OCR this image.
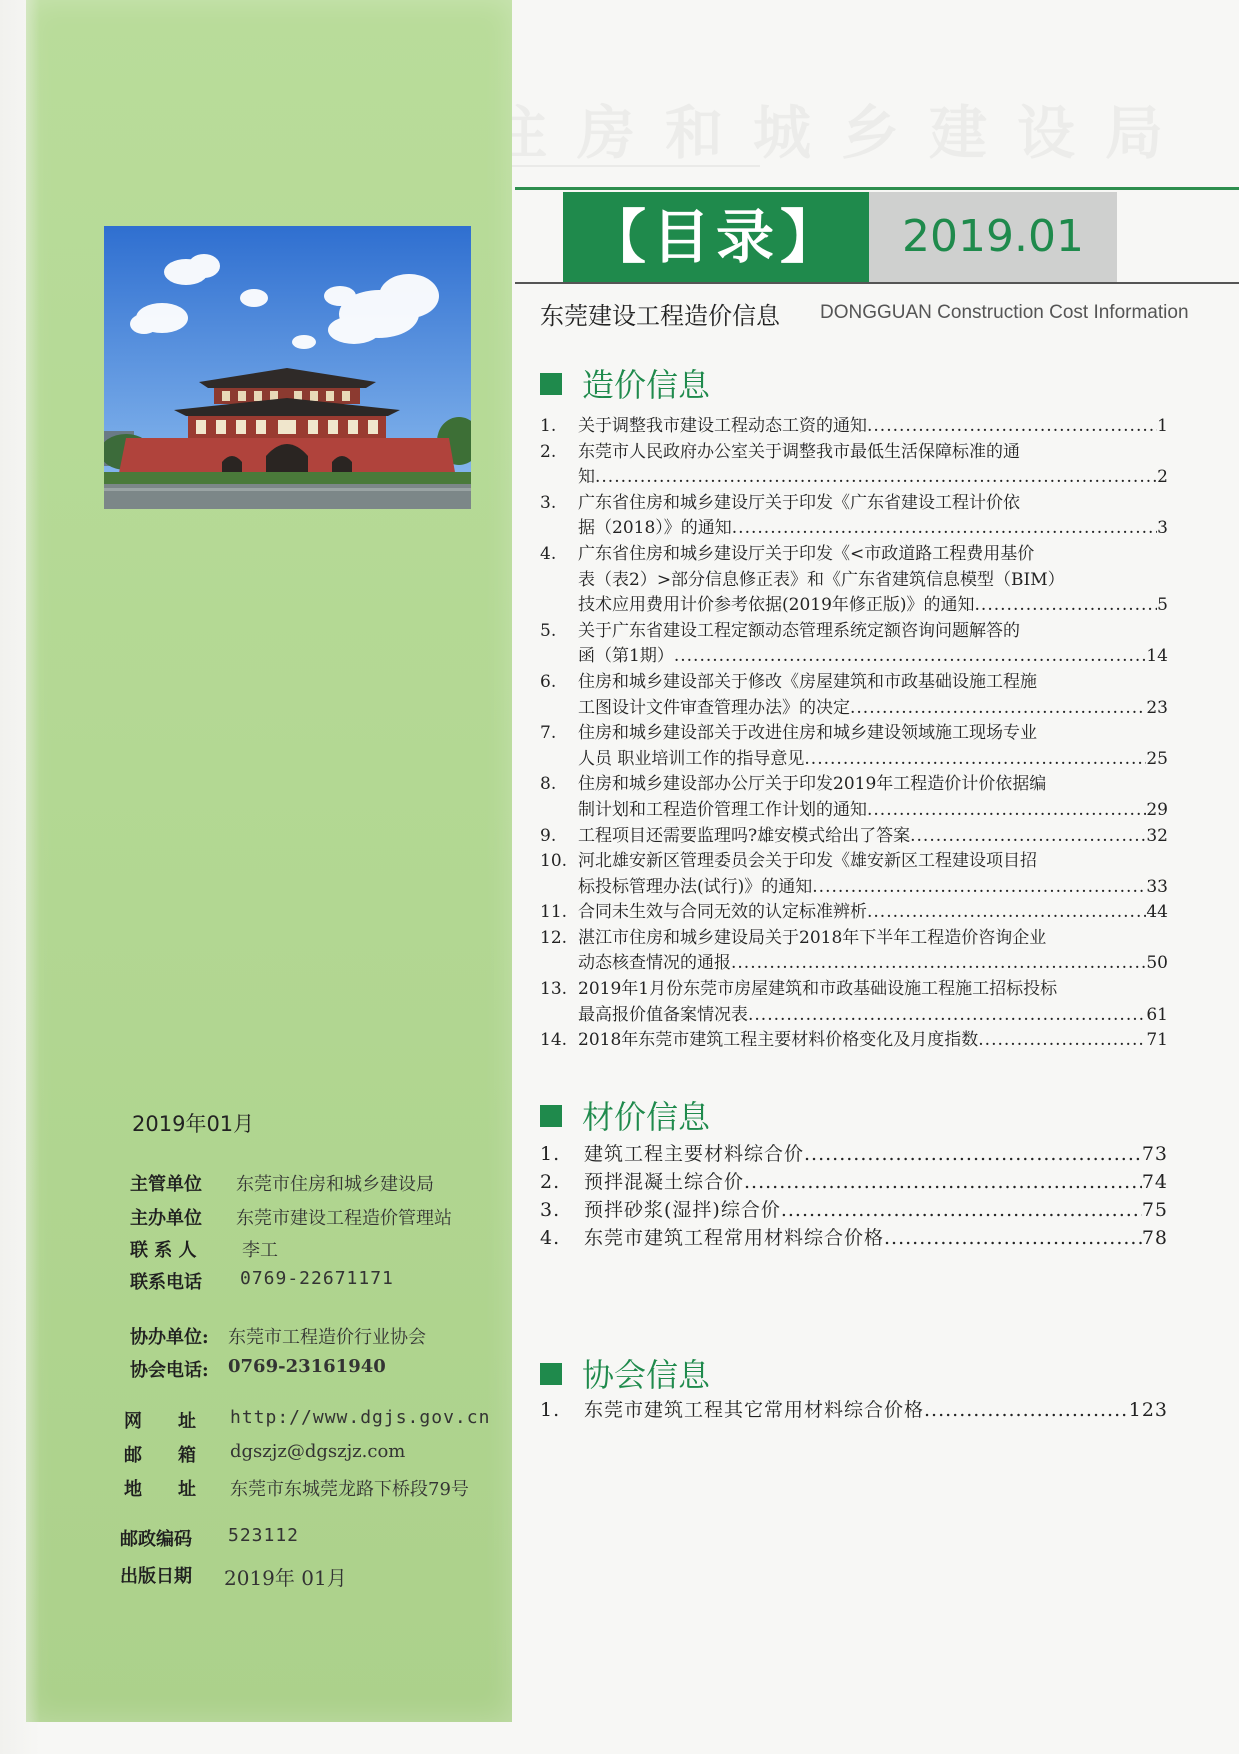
2019年01月
主管单位 东莞市住房和城乡建设局
主办单位 东莞市建设工程造价管理站
联 系 人	李工
联系电话 0769-22671171
协办单位: 东莞市工程造价行业协会
协会电话: 0769-23161940
网　　址 http://www.dgjs.gov.cn
邮　　箱 dgszjz@dgszjz.com
地　　址 东莞市东城莞龙路下桥段79号
邮政编码 523112
出版日期 2019年 01月
【目录】	2019.01
东莞建设工程造价信息 DONGGUAN Construction Cost Information
造价信息
1. 关于调整我市建设工程动态工资的通知 .....	1
2. 东莞市人民政府办公室关于调整我市最低生活保障标准的通
知 .....	2
3. 广东省住房和城乡建设厅关于印发《广东省建设工程计价依
据（2018）》的通知 .....	3
4. 广东省住房和城乡建设厅关于印发《<市政道路工程费用基价
表（表2）>部分信息修正表》和《广东省建筑信息模型（BIM）
技术应用费用计价参考依据(2019年修正版)》的通知 .....	5
5. 关于广东省建设工程定额动态管理系统定额咨询问题解答的
函（第1期） .....	14
6. 住房和城乡建设部关于修改《房屋建筑和市政基础设施工程施
工图设计文件审查管理办法》的决定 .....	23
7. 住房和城乡建设部关于改进住房和城乡建设领域施工现场专业
人员 职业培训工作的指导意见 .....	25
8. 住房和城乡建设部办公厅关于印发2019年工程造价计价依据编
制计划和工程造价管理工作计划的通知 .....	29
9. 工程项目还需要监理吗?雄安模式给出了答案 .....	32
10. 河北雄安新区管理委员会关于印发《雄安新区工程建设项目招
标投标管理办法(试行)》的通知 .....	33
11. 合同未生效与合同无效的认定标准辨析 .....	44
12. 湛江市住房和城乡建设局关于2018年下半年工程造价咨询企业
动态核查情况的通报 .....	50
13. 2019年1月份东莞市房屋建筑和市政基础设施工程施工招标投标
最高报价值备案情况表 .....	61
14. 2018年东莞市建筑工程主要材料价格变化及月度指数 .....	71
材价信息
1. 建筑工程主要材料综合价 .....	73
2. 预拌混凝土综合价 .....	74
3. 预拌砂浆(湿拌)综合价 .....	75
4. 东莞市建筑工程常用材料综合价格 .....	78
协会信息
1. 东莞市建筑工程其它常用材料综合价格 .....	123
